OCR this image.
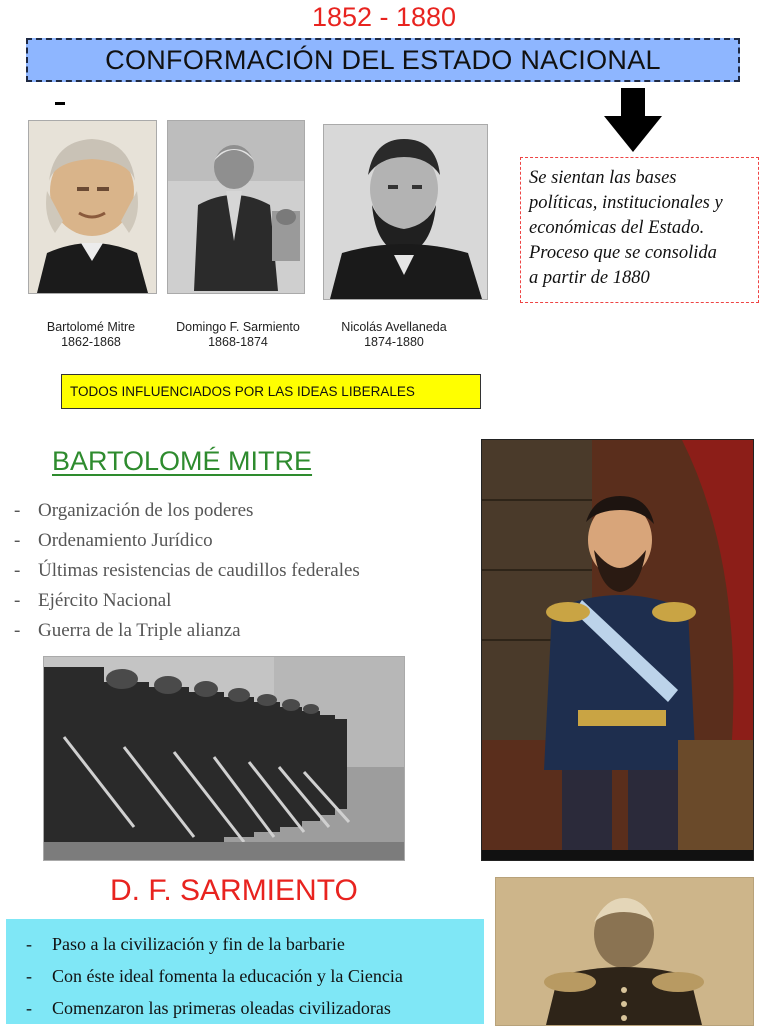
1852 - 1880
CONFORMACIÓN DEL ESTADO NACIONAL
Bartolomé Mitre
1862-1868
Domingo F. Sarmiento
1868-1874
Nicolás Avellaneda
1874-1880
Se sientan las bases
políticas, institucionales y
económicas del Estado.
Proceso que se consolida
a partir de 1880
TODOS INFLUENCIADOS POR LAS IDEAS LIBERALES
BARTOLOMÉ MITRE
- Organización de los poderes
- Ordenamiento Jurídico
- Últimas resistencias de caudillos federales
- Ejército Nacional
- Guerra de la Triple alianza
D. F. SARMIENTO
- Paso a la civilización y fin de la barbarie
- Con éste ideal fomenta la educación y la Ciencia
- Comenzaron las primeras oleadas civilizadoras
